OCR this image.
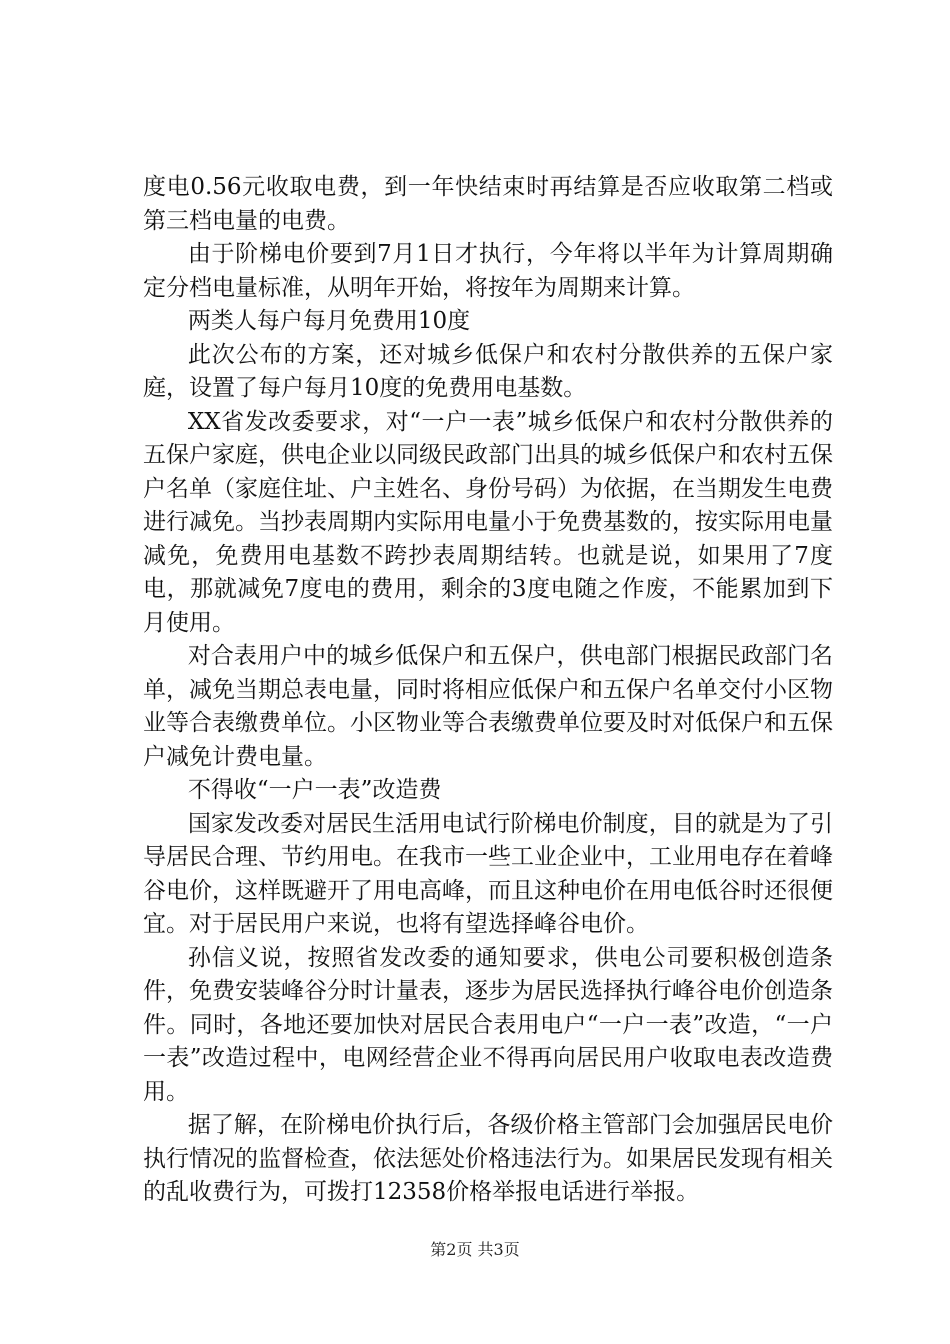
度电0.56元收取电费，到一年快结束时再结算是否应收取第二档或第三档电量的电费。

由于阶梯电价要到7月1日才执行，今年将以半年为计算周期确定分档电量标准，从明年开始，将按年为周期来计算。

两类人每户每月免费用10度

此次公布的方案，还对城乡低保户和农村分散供养的五保户家庭，设置了每户每月10度的免费用电基数。

XX省发改委要求，对“一户一表”城乡低保户和农村分散供养的五保户家庭，供电企业以同级民政部门出具的城乡低保户和农村五保户名单（家庭住址、户主姓名、身份号码）为依据，在当期发生电费进行减免。当抄表周期内实际用电量小于免费基数的，按实际用电量减免，免费用电基数不跨抄表周期结转。也就是说，如果用了7度电，那就减免7度电的费用，剩余的3度电随之作废，不能累加到下月使用。

对合表用户中的城乡低保户和五保户，供电部门根据民政部门名单，减免当期总表电量，同时将相应低保户和五保户名单交付小区物业等合表缴费单位。小区物业等合表缴费单位要及时对低保户和五保户减免计费电量。

不得收“一户一表”改造费

国家发改委对居民生活用电试行阶梯电价制度，目的就是为了引导居民合理、节约用电。在我市一些工业企业中，工业用电存在着峰谷电价，这样既避开了用电高峰，而且这种电价在用电低谷时还很便宜。对于居民用户来说，也将有望选择峰谷电价。

孙信义说，按照省发改委的通知要求，供电公司要积极创造条件，免费安装峰谷分时计量表，逐步为居民选择执行峰谷电价创造条件。同时，各地还要加快对居民合表用电户“一户一表”改造，“一户一表”改造过程中，电网经营企业不得再向居民用户收取电表改造费用。

据了解，在阶梯电价执行后，各级价格主管部门会加强居民电价执行情况的监督检查，依法惩处价格违法行为。如果居民发现有相关的乱收费行为，可拨打12358价格举报电话进行举报。

第2页 共3页
